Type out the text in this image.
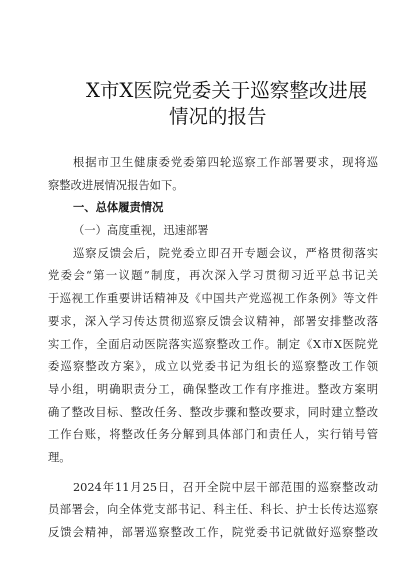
X市X医院党委关于巡察整改进展
情况的报告
根据市卫生健康委党委第四轮巡察工作部署要求，现将巡
察整改进展情况报告如下。
一、总体履责情况
（一）高度重视，迅速部署
巡察反馈会后，院党委立即召开专题会议，严格贯彻落实
党委会“第一议题”制度，再次深入学习贯彻习近平总书记关
于巡视工作重要讲话精神及《中国共产党巡视工作条例》等文件
要求，深入学习传达贯彻巡察反馈会议精神，部署安排整改落
实工作，全面启动医院落实巡察整改工作。制定《X市X医院党
委巡察整改方案》，成立以党委书记为组长的巡察整改工作领
导小组，明确职责分工，确保整改工作有序推进。整改方案明
确了整改目标、整改任务、整改步骤和整改要求，同时建立整改
工作台账，将整改任务分解到具体部门和责任人，实行销号管
理。
2024年11月25日，召开全院中层干部范围的巡察整改动
员部署会，向全体党支部书记、科主任、科长、护士长传达巡察
反馈会精神，部署巡察整改工作，院党委书记就做好巡察整改
